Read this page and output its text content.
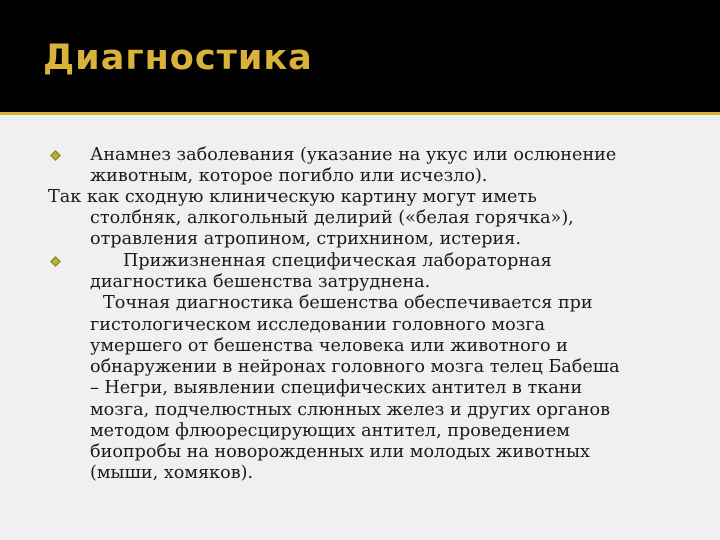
Диагностика

Анамнез заболевания (указание на укус или ослюнение

животным, которое погибло или исчезло).

Так как сходную клиническую картину могут иметь

столбняк, алкогольный делирий («белая горячка»),

отравления атропином, стрихнином, истерия.

Прижизненная специфическая лабораторная

диагностика бешенства затруднена.

Точная диагностика бешенства обеспечивается при

гистологическом исследовании головного мозга

умершего от бешенства человека или животного и

обнаружении в нейронах головного мозга телец Бабеша

– Негри, выявлении специфических антител в ткани

мозга, подчелюстных слюнных желез и других органов

методом флюоресцирующих антител, проведением

биопробы на новорожденных или молодых животных

(мыши, хомяков).
